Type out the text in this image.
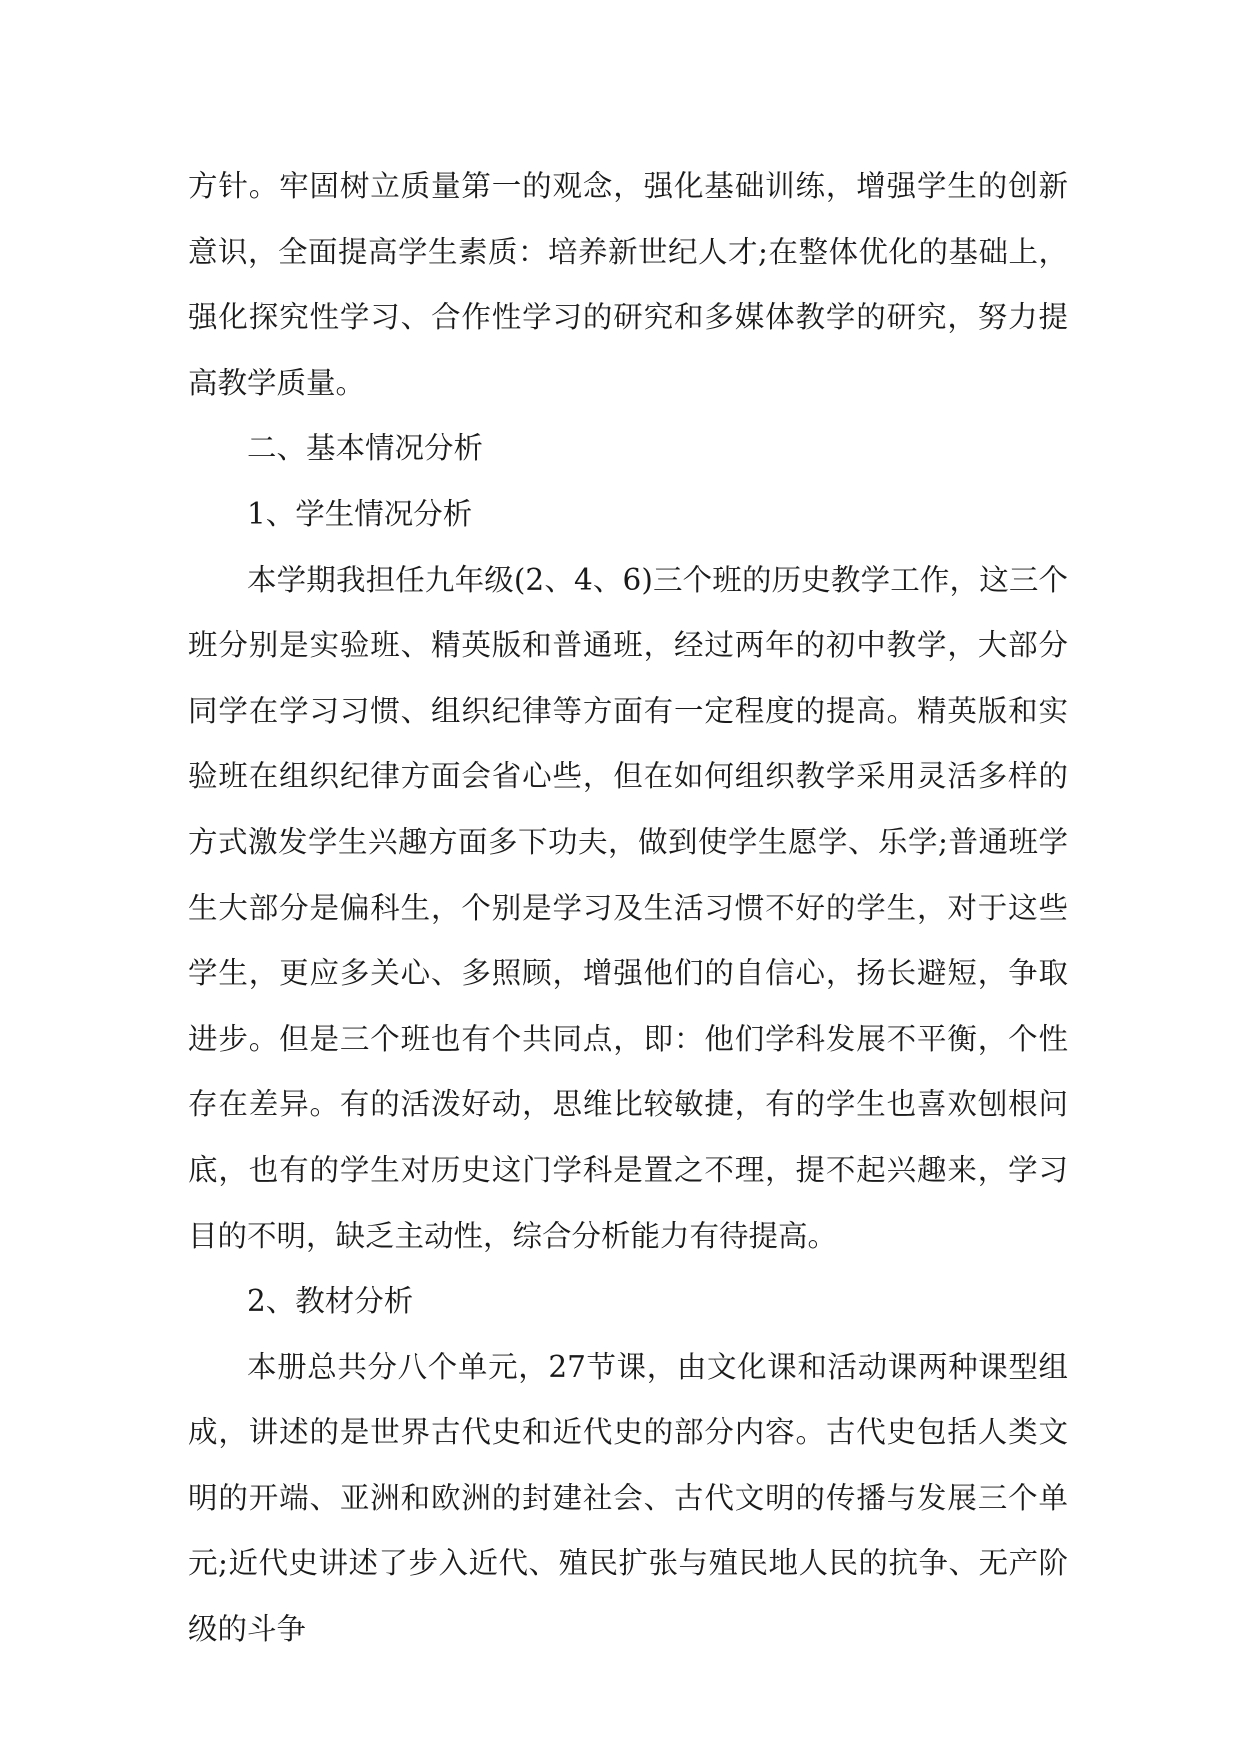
方针。牢固树立质量第一的观念，强化基础训练，增强学生的创新意识，全面提高学生素质：培养新世纪人才;在整体优化的基础上，强化探究性学习、合作性学习的研究和多媒体教学的研究，努力提高教学质量。

二、基本情况分析

1、学生情况分析

本学期我担任九年级(2、4、6)三个班的历史教学工作，这三个班分别是实验班、精英版和普通班，经过两年的初中教学，大部分同学在学习习惯、组织纪律等方面有一定程度的提高。精英版和实验班在组织纪律方面会省心些，但在如何组织教学采用灵活多样的方式激发学生兴趣方面多下功夫，做到使学生愿学、乐学;普通班学生大部分是偏科生，个别是学习及生活习惯不好的学生，对于这些学生，更应多关心、多照顾，增强他们的自信心，扬长避短，争取进步。但是三个班也有个共同点，即：他们学科发展不平衡，个性存在差异。有的活泼好动，思维比较敏捷，有的学生也喜欢刨根问底，也有的学生对历史这门学科是置之不理，提不起兴趣来，学习目的不明，缺乏主动性，综合分析能力有待提高。

2、教材分析

本册总共分八个单元，27节课，由文化课和活动课两种课型组成，讲述的是世界古代史和近代史的部分内容。古代史包括人类文明的开端、亚洲和欧洲的封建社会、古代文明的传播与发展三个单元;近代史讲述了步入近代、殖民扩张与殖民地人民的抗争、无产阶级的斗争
